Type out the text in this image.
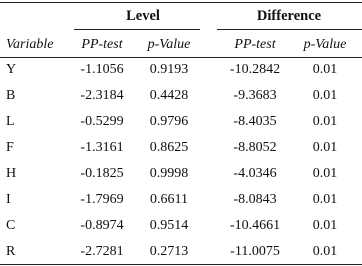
Level	Difference
Variable PP-test p-Value	PP-test p-Value
Y	-1.1056 0.9193	-10.2842 0.01
B	-2.3184 0.4428	-9.3683	0.01
L	-0.5299 0.9796	-8.4035	0.01
F	-1.3161 0.8625	-8.8052	0.01
H	-0.1825 0.9998	-4.0346	0.01
I	-1.7969 0.6611	-8.0843	0.01
C	-0.8974 0.9514	-10.4661 0.01
R	-2.7281 0.2713	-11.0075 0.01
